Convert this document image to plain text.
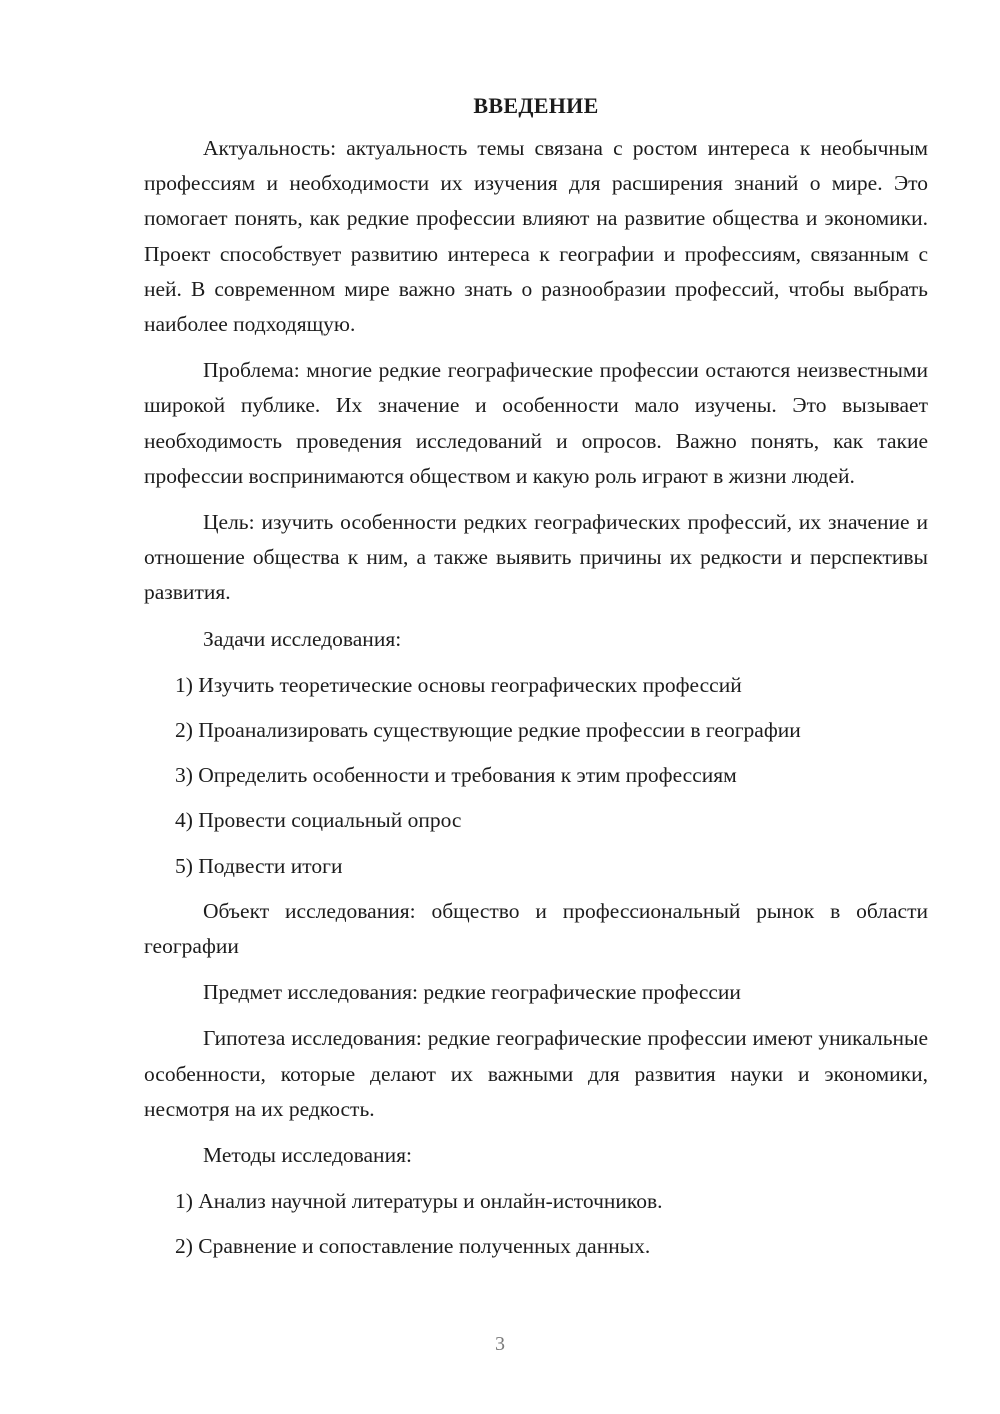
ВВЕДЕНИЕ

Актуальность: актуальность темы связана с ростом интереса к необычным профессиям и необходимости их изучения для расширения знаний о мире. Это помогает понять, как редкие профессии влияют на развитие общества и экономики. Проект способствует развитию интереса к географии и профессиям, связанным с ней. В современном мире важно знать о разнообразии профессий, чтобы выбрать наиболее подходящую.

Проблема: многие редкие географические профессии остаются неизвестными широкой публике. Их значение и особенности мало изучены. Это вызывает необходимость проведения исследований и опросов. Важно понять, как такие профессии воспринимаются обществом и какую роль играют в жизни людей.

Цель: изучить особенности редких географических профессий, их значение и отношение общества к ним, а также выявить причины их редкости и перспективы развития.

Задачи исследования:

1) Изучить теоретические основы географических профессий

2) Проанализировать существующие редкие профессии в географии

3) Определить особенности и требования к этим профессиям

4) Провести социальный опрос

5) Подвести итоги

Объект исследования: общество и профессиональный рынок в области географии

Предмет исследования: редкие географические профессии

Гипотеза исследования: редкие географические профессии имеют уникальные особенности, которые делают их важными для развития науки и экономики, несмотря на их редкость.

Методы исследования:

1) Анализ научной литературы и онлайн-источников.

2) Сравнение и сопоставление полученных данных.

3
